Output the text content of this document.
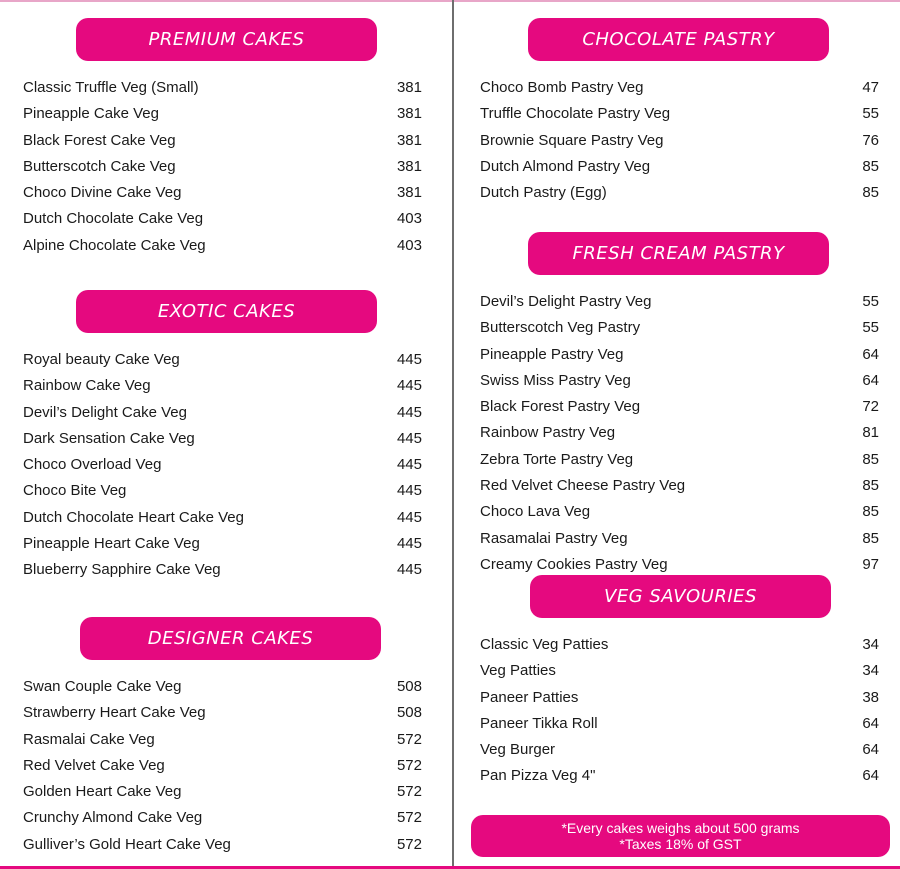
PREMIUM CAKES
Classic Truffle Veg (Small)	381
Pineapple Cake Veg	381
Black Forest Cake Veg	381
Butterscotch Cake Veg	381
Choco Divine Cake Veg	381
Dutch Chocolate Cake Veg	403
Alpine Chocolate Cake Veg	403
EXOTIC CAKES
Royal beauty Cake Veg	445
Rainbow Cake Veg	445
Devil’s Delight Cake Veg	445
Dark Sensation Cake Veg	445
Choco Overload Veg	445
Choco Bite Veg	445
Dutch Chocolate Heart Cake Veg	445
Pineapple Heart Cake Veg	445
Blueberry Sapphire Cake Veg	445
DESIGNER CAKES
Swan Couple Cake Veg	508
Strawberry Heart Cake Veg	508
Rasmalai Cake Veg	572
Red Velvet Cake Veg	572
Golden Heart Cake Veg	572
Crunchy Almond Cake Veg	572
Gulliver’s Gold Heart Cake Veg	572
CHOCOLATE PASTRY
Choco Bomb Pastry Veg	47
Truffle Chocolate Pastry Veg	55
Brownie Square Pastry Veg	76
Dutch Almond Pastry Veg	85
Dutch Pastry (Egg)	85
FRESH CREAM PASTRY
Devil’s Delight Pastry Veg	55
Butterscotch Veg Pastry	55
Pineapple Pastry Veg	64
Swiss Miss Pastry Veg	64
Black Forest Pastry Veg	72
Rainbow Pastry Veg	81
Zebra Torte Pastry Veg	85
Red Velvet Cheese Pastry Veg	85
Choco Lava Veg	85
Rasamalai Pastry Veg	85
Creamy Cookies Pastry Veg	97
VEG SAVOURIES
Classic Veg Patties	34
Veg Patties	34
Paneer Patties	38
Paneer Tikka Roll	64
Veg Burger	64
Pan Pizza Veg 4"	64
*Every cakes weighs about 500 grams
*Taxes 18% of GST
